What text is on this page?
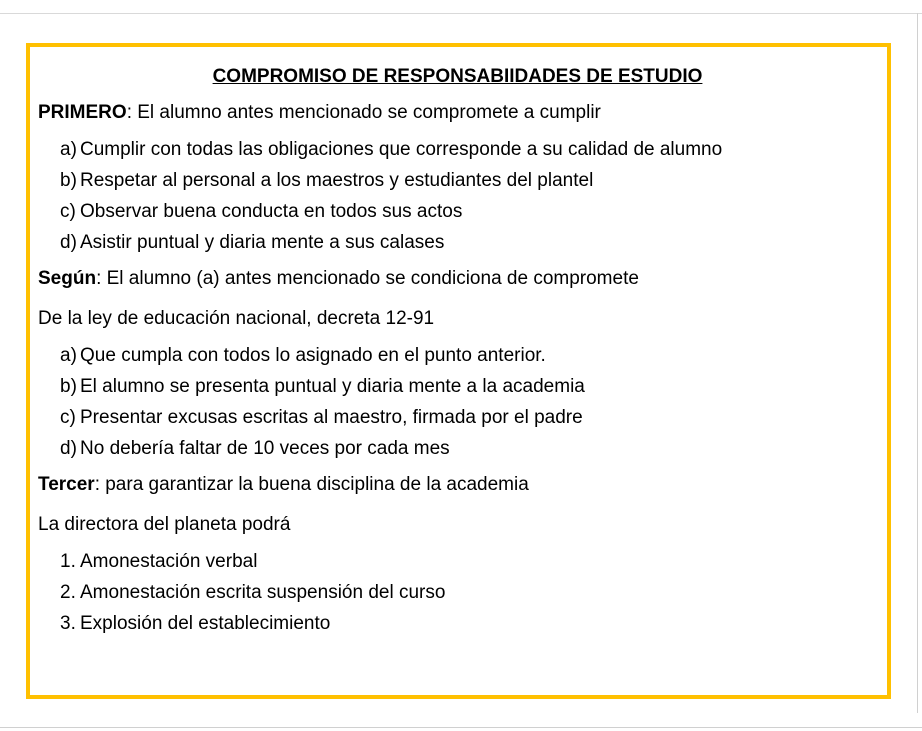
COMPROMISO DE RESPONSABIIDADES DE ESTUDIO
PRIMERO: El alumno antes mencionado se compromete a cumplir
a) Cumplir con todas las obligaciones que corresponde a su calidad de alumno
b) Respetar al personal a los maestros y estudiantes del plantel
c) Observar buena conducta en todos sus actos
d) Asistir puntual y diaria mente a sus calases
Según: El alumno (a) antes mencionado se condiciona de compromete
De la ley de educación nacional, decreta 12-91
a) Que cumpla con todos lo asignado en el punto anterior.
b) El alumno se presenta puntual y diaria mente a la academia
c) Presentar excusas escritas al maestro, firmada por el padre
d) No debería faltar de 10 veces por cada mes
Tercer: para garantizar la buena disciplina de la academia
La directora del planeta podrá
1. Amonestación verbal
2. Amonestación escrita suspensión del curso
3. Explosión del establecimiento
